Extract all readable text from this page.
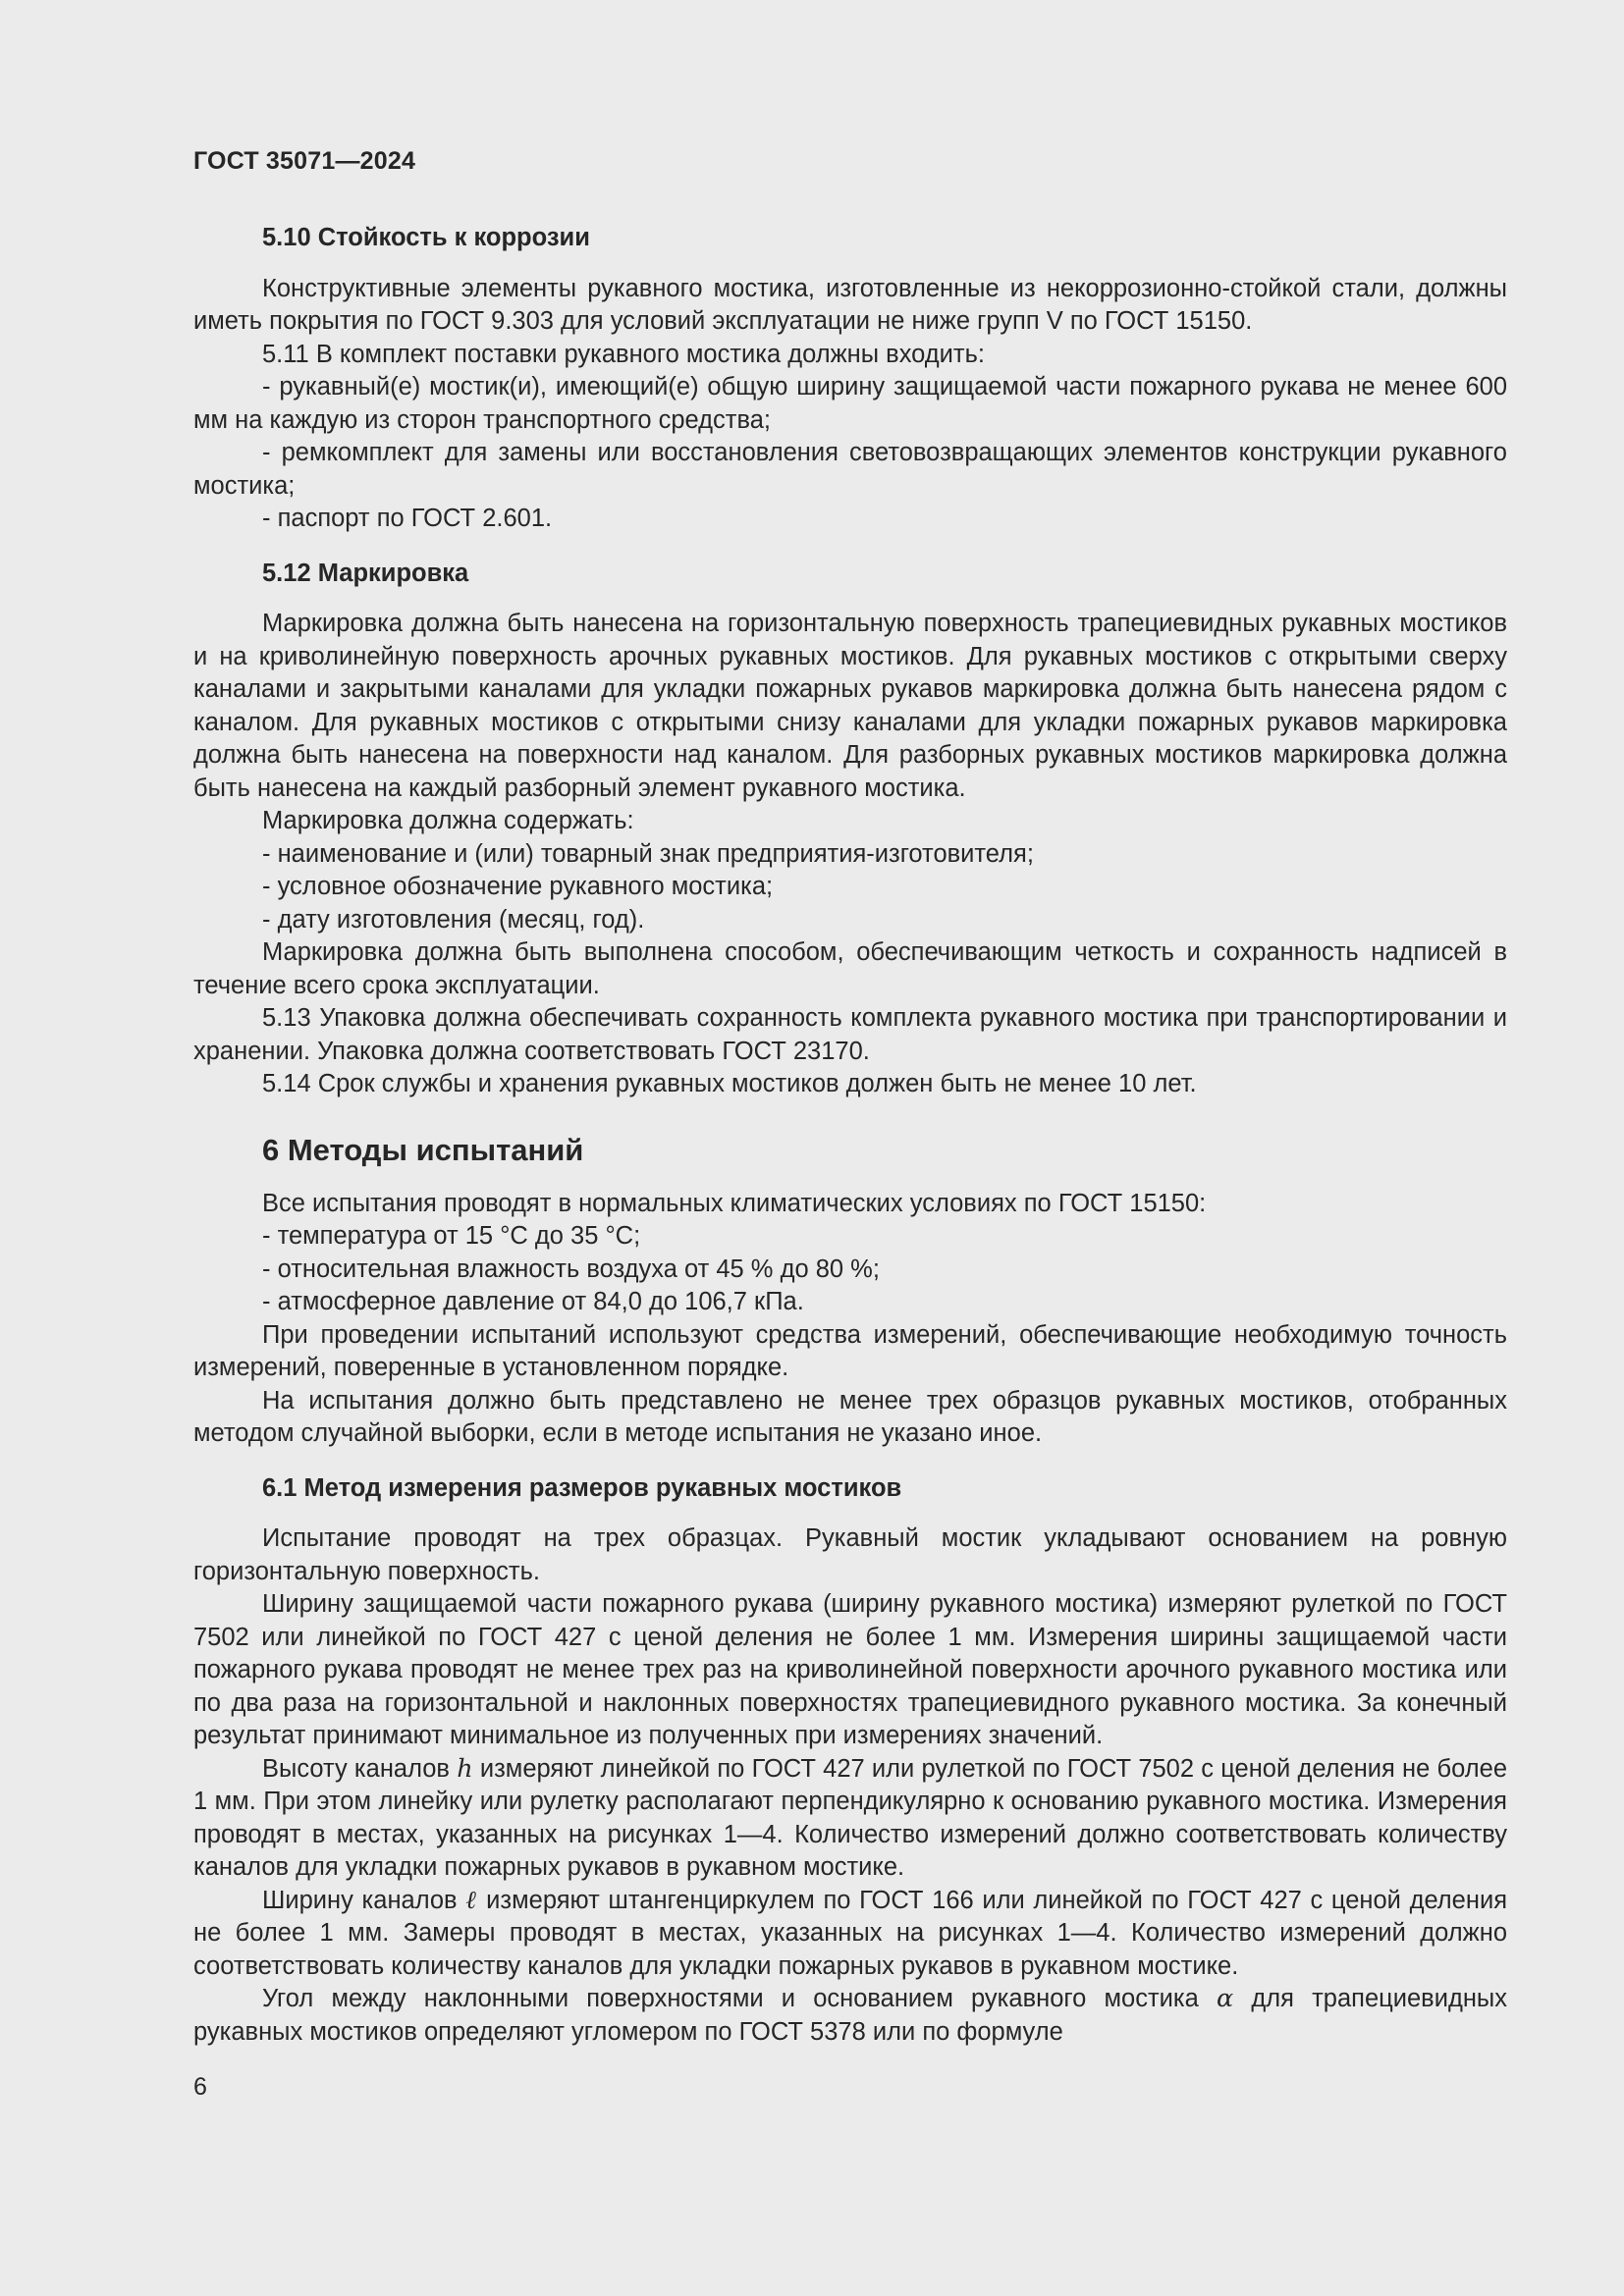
ГОСТ 35071—2024
5.10 Стойкость к коррозии

Конструктивные элементы рукавного мостика, изготовленные из некоррозионно-стойкой стали, должны иметь покрытия по ГОСТ 9.303 для условий эксплуатации не ниже групп V по ГОСТ 15150.

5.11 В комплект поставки рукавного мостика должны входить:

- рукавный(е) мостик(и), имеющий(е) общую ширину защищаемой части пожарного рукава не менее 600 мм на каждую из сторон транспортного средства;

- ремкомплект для замены или восстановления световозвращающих элементов конструкции рукавного мостика;

- паспорт по ГОСТ 2.601.

5.12 Маркировка

Маркировка должна быть нанесена на горизонтальную поверхность трапециевидных рукавных мостиков и на криволинейную поверхность арочных рукавных мостиков. Для рукавных мостиков с открытыми сверху каналами и закрытыми каналами для укладки пожарных рукавов маркировка должна быть нанесена рядом с каналом. Для рукавных мостиков с открытыми снизу каналами для укладки пожарных рукавов маркировка должна быть нанесена на поверхности над каналом. Для разборных рукавных мостиков маркировка должна быть нанесена на каждый разборный элемент рукавного мостика.

Маркировка должна содержать:

- наименование и (или) товарный знак предприятия-изготовителя;

- условное обозначение рукавного мостика;

- дату изготовления (месяц, год).

Маркировка должна быть выполнена способом, обеспечивающим четкость и сохранность надписей в течение всего срока эксплуатации.

5.13 Упаковка должна обеспечивать сохранность комплекта рукавного мостика при транспортировании и хранении. Упаковка должна соответствовать ГОСТ 23170.

5.14 Срок службы и хранения рукавных мостиков должен быть не менее 10 лет.

6 Методы испытаний

Все испытания проводят в нормальных климатических условиях по ГОСТ 15150:

- температура от 15 °С до 35 °С;

- относительная влажность воздуха от 45 % до 80 %;

- атмосферное давление от 84,0 до 106,7 кПа.

При проведении испытаний используют средства измерений, обеспечивающие необходимую точность измерений, поверенные в установленном порядке.

На испытания должно быть представлено не менее трех образцов рукавных мостиков, отобранных методом случайной выборки, если в методе испытания не указано иное.

6.1 Метод измерения размеров рукавных мостиков

Испытание проводят на трех образцах. Рукавный мостик укладывают основанием на ровную горизонтальную поверхность.

Ширину защищаемой части пожарного рукава (ширину рукавного мостика) измеряют рулеткой по ГОСТ 7502 или линейкой по ГОСТ 427 с ценой деления не более 1 мм. Измерения ширины защищаемой части пожарного рукава проводят не менее трех раз на криволинейной поверхности арочного рукавного мостика или по два раза на горизонтальной и наклонных поверхностях трапециевидного рукавного мостика. За конечный результат принимают минимальное из полученных при измерениях значений.

Высоту каналов h измеряют линейкой по ГОСТ 427 или рулеткой по ГОСТ 7502 с ценой деления не более 1 мм. При этом линейку или рулетку располагают перпендикулярно к основанию рукавного мостика. Измерения проводят в местах, указанных на рисунках 1—4. Количество измерений должно соответствовать количеству каналов для укладки пожарных рукавов в рукавном мостике.

Ширину каналов ℓ измеряют штангенциркулем по ГОСТ 166 или линейкой по ГОСТ 427 с ценой деления не более 1 мм. Замеры проводят в местах, указанных на рисунках 1—4. Количество измерений должно соответствовать количеству каналов для укладки пожарных рукавов в рукавном мостике.

Угол между наклонными поверхностями и основанием рукавного мостика α для трапециевидных рукавных мостиков определяют угломером по ГОСТ 5378 или по формуле

6
